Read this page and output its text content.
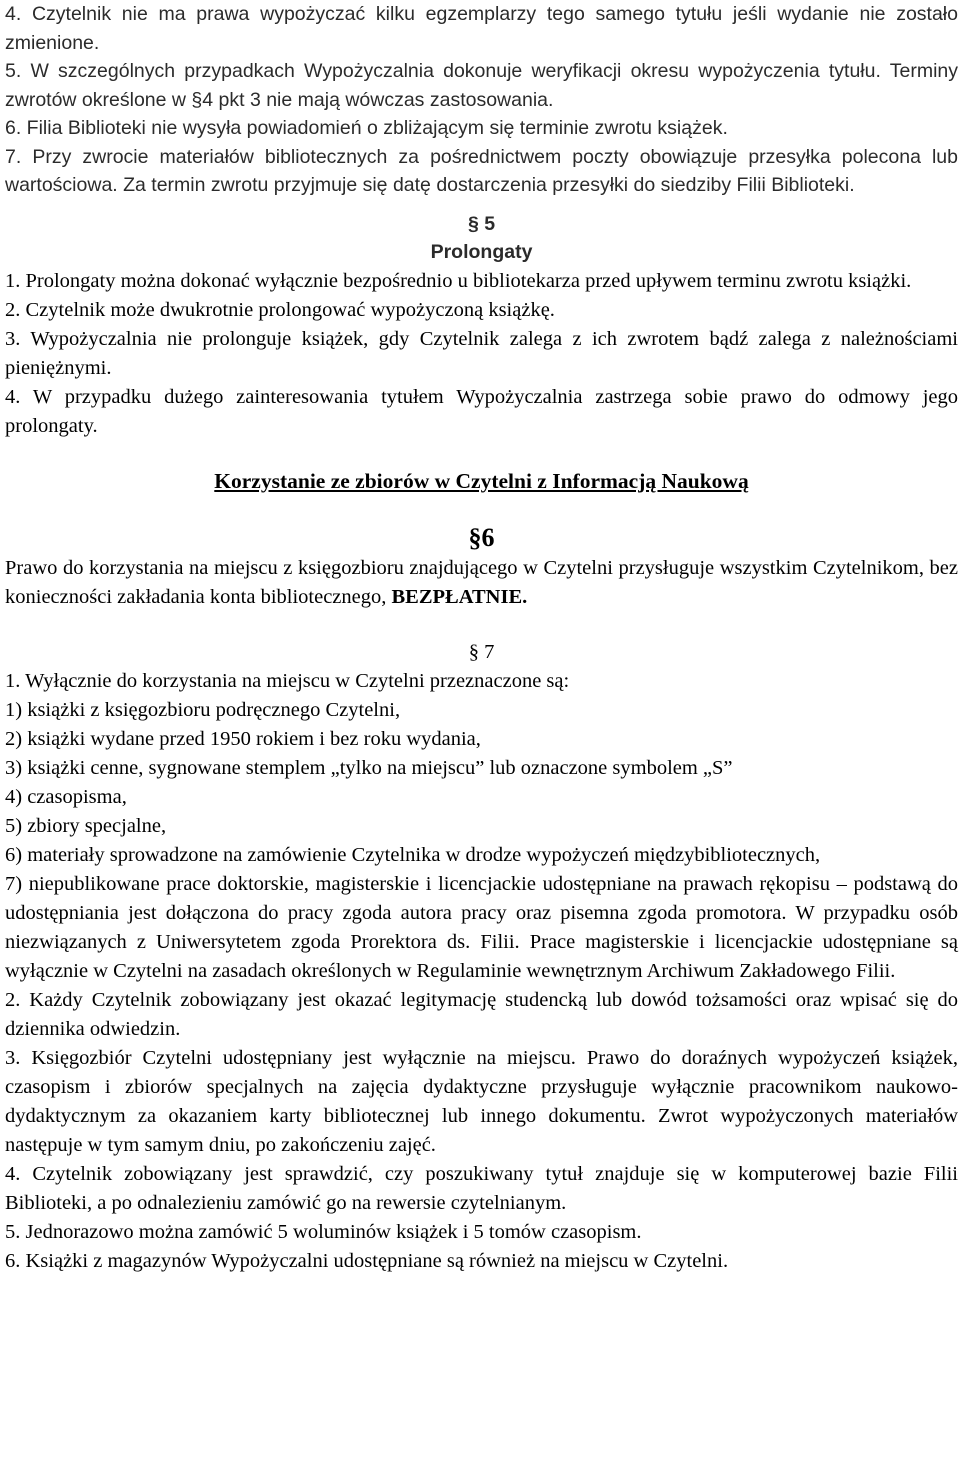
4. Czytelnik nie ma prawa wypożyczać kilku egzemplarzy tego samego tytułu jeśli wydanie nie zostało zmienione.

5. W szczególnych przypadkach Wypożyczalnia dokonuje weryfikacji okresu wypożyczenia tytułu. Terminy zwrotów określone w §4 pkt 3 nie mają wówczas zastosowania.

6. Filia Biblioteki nie wysyła powiadomień o zbliżającym się terminie zwrotu książek.

7. Przy zwrocie materiałów bibliotecznych za pośrednictwem poczty obowiązuje przesyłka polecona lub wartościowa. Za termin zwrotu przyjmuje się datę dostarczenia przesyłki do siedziby Filii Biblioteki.

§ 5

Prolongaty

1. Prolongaty można dokonać wyłącznie bezpośrednio u bibliotekarza przed upływem terminu zwrotu książki.

2. Czytelnik może dwukrotnie prolongować wypożyczoną książkę.

3. Wypożyczalnia nie prolonguje książek, gdy Czytelnik zalega z ich zwrotem bądź zalega z należnościami pieniężnymi.

4. W przypadku dużego zainteresowania tytułem Wypożyczalnia zastrzega sobie prawo do odmowy jego prolongaty.

Korzystanie ze zbiorów w Czytelni z Informacją Naukową

§6

Prawo do korzystania na miejscu z księgozbioru znajdującego w Czytelni przysługuje wszystkim Czytelnikom, bez konieczności zakładania konta bibliotecznego, BEZPŁATNIE.

§ 7

1. Wyłącznie do korzystania na miejscu w Czytelni przeznaczone są:

1) książki z księgozbioru podręcznego Czytelni,

2) książki wydane przed 1950 rokiem i bez roku wydania,

3) książki cenne, sygnowane stemplem „tylko na miejscu” lub oznaczone symbolem „S”

4) czasopisma,

5) zbiory specjalne,

6) materiały sprowadzone na zamówienie Czytelnika w drodze wypożyczeń międzybibliotecznych,

7) niepublikowane prace doktorskie, magisterskie i licencjackie udostępniane na prawach rękopisu – podstawą do udostępniania jest dołączona do pracy zgoda autora pracy oraz pisemna zgoda promotora. W przypadku osób niezwiązanych z Uniwersytetem zgoda Prorektora ds. Filii. Prace magisterskie i licencjackie udostępniane są wyłącznie w Czytelni na zasadach określonych w Regulaminie wewnętrznym Archiwum Zakładowego Filii.

2. Każdy Czytelnik zobowiązany jest okazać legitymację studencką lub dowód tożsamości oraz wpisać się do dziennika odwiedzin.

3. Księgozbiór Czytelni udostępniany jest wyłącznie na miejscu. Prawo do doraźnych wypożyczeń książek, czasopism i zbiorów specjalnych na zajęcia dydaktyczne przysługuje wyłącznie pracownikom naukowo-dydaktycznym za okazaniem karty bibliotecznej lub innego dokumentu. Zwrot wypożyczonych materiałów następuje w tym samym dniu, po zakończeniu zajęć.

4. Czytelnik zobowiązany jest sprawdzić, czy poszukiwany tytuł znajduje się w komputerowej bazie Filii Biblioteki, a po odnalezieniu zamówić go na rewersie czytelnianym.

5. Jednorazowo można zamówić 5 woluminów książek i 5 tomów czasopism.

6. Książki z magazynów Wypożyczalni udostępniane są również na miejscu w Czytelni.
